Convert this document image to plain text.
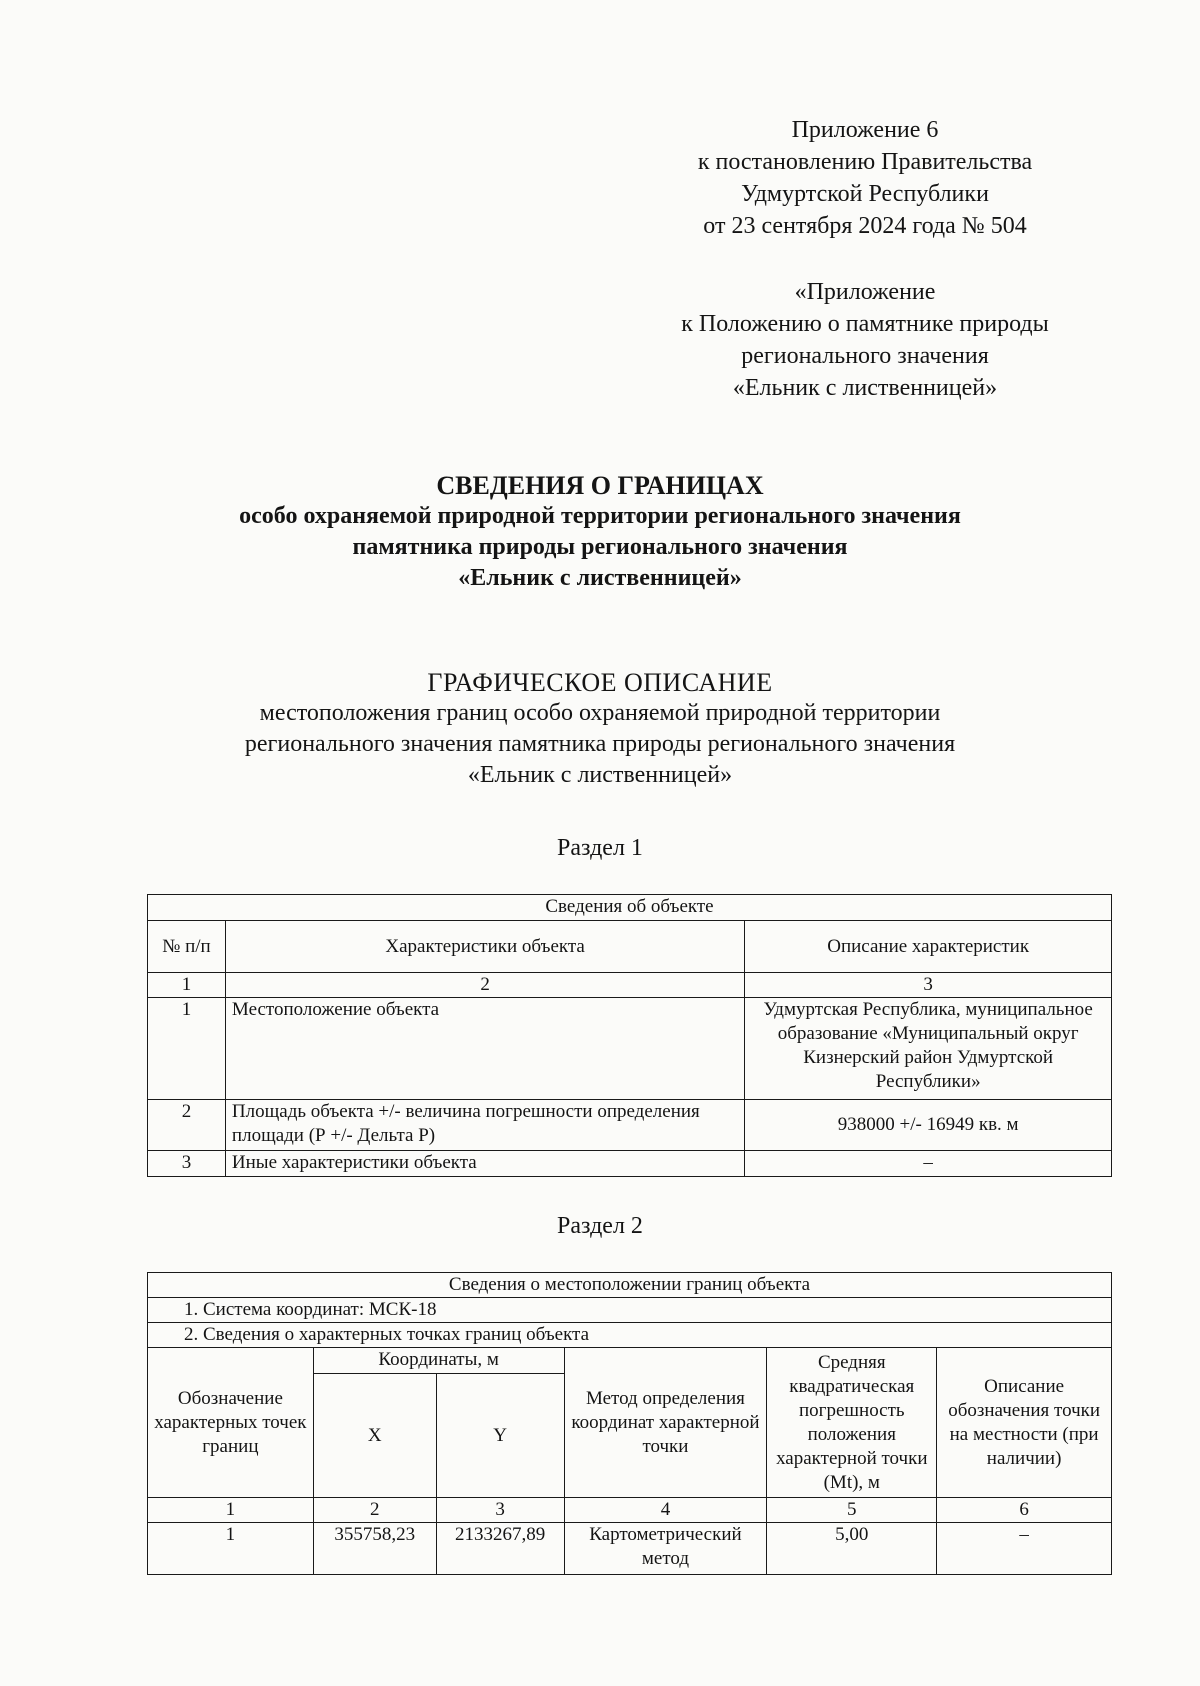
Приложение 6
к постановлению Правительства
Удмуртской Республики
от 23 сентября 2024 года № 504
«Приложение
к Положению о памятнике природы
регионального значения
«Ельник с лиственницей»
СВЕДЕНИЯ О ГРАНИЦАХ
особо охраняемой природной территории регионального значения
памятника природы регионального значения
«Ельник с лиственницей»
ГРАФИЧЕСКОЕ ОПИСАНИЕ
местоположения границ особо охраняемой природной территории
регионального значения памятника природы регионального значения
«Ельник с лиственницей»
Раздел 1
Сведения об объекте		
№ п/п	Характеристики объекта	Описание характеристик
1	2	3
1	Местоположение объекта	Удмуртская Республика, муниципальное образование «Муниципальный округ Кизнерский район Удмуртской Республики»
2	Площадь объекта +/- величина погрешности определения площади (Р +/- Дельта Р)	938000 +/- 16949 кв. м
3	Иные характеристики объекта	–
Раздел 2
Сведения о местоположении границ объекта					
1. Система координат: МСК-18					
2. Сведения о характерных точках границ объекта					
Обозначение характерных точек границ	Координаты, м		Метод определения координат характерной точки	Средняя квадратическая погрешность положения характерной точки (Mt), м	Описание обозначения точки на местности (при наличии)
	X	Y			
1	2	3	4	5	6
1	355758,23	2133267,89	Картометрический метод	5,00	–
